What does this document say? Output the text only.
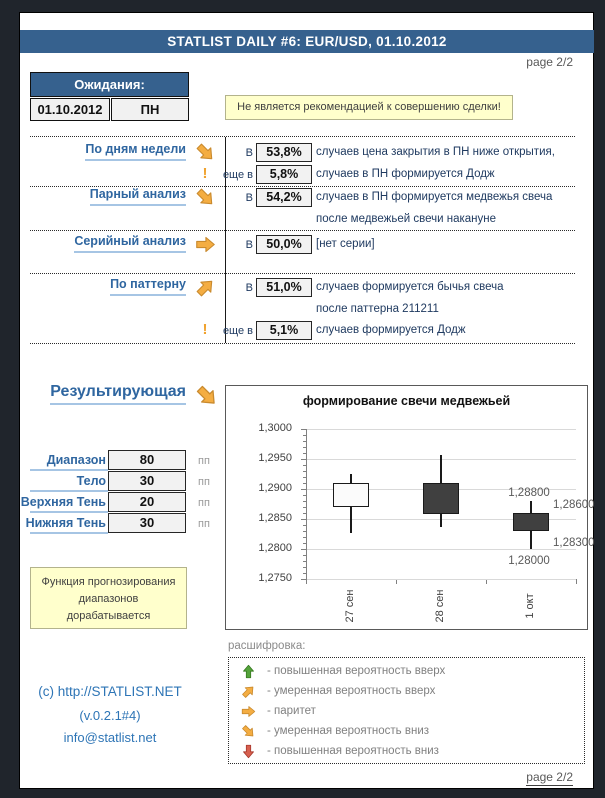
STATLIST DAILY #6: EUR/USD, 01.10.2012
page 2/2
Ожидания:
01.10.2012	ПН	Не является рекомендацией к совершению сделки!
По дням недели	В	53,8%	случаев цена закрытия в ПН ниже открытия,
!	еще в	5,8%	случаев в ПН формируется Додж
Парный анализ	В	54,2%	случаев в ПН формируется медвежья свеча
после медвежьей свечи накануне
Серийный анализ	В	50,0%	[нет серии]
По паттерну	В	51,0%	случаев формируется бычья свеча
после паттерна 211211
!	еще в	5,1%	случаев формируется Додж
Результирующая
Диапазон	80	пп
Тело	30	пп
Верхняя Тень	20	пп
Нижняя Тень	30	пп
Функция прогнозирования
диапазонов
дорабатывается
(c) http://STATLIST.NET
(v.0.2.1#4)
info@statlist.net
формирование свечи медвежьей
1,3000
1,2950
1,2900
1,2850
1,2800
1,2750
27 сен	28 сен	1 окт
1,28800
1,28600
1,28300
1,28000
расшифровка:
- повышенная вероятность вверх
- умеренная вероятность вверх
- паритет
- умеренная вероятность вниз
- повышенная вероятность вниз
page 2/2
